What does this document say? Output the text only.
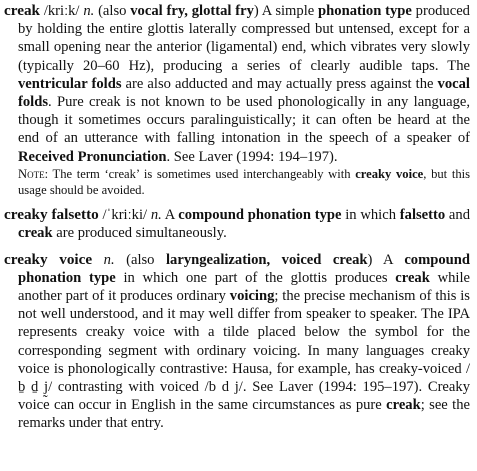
creak /kriːk/ n. (also vocal fry, glottal fry) A simple phonation type produced by holding the entire glottis laterally compressed but untensed, except for a small opening near the anterior (ligamental) end, which vibrates very slowly (typically 20–60 Hz), producing a series of clearly audible taps. The ventricular folds are also adducted and may actually press against the vocal folds. Pure creak is not known to be used phonologically in any language, though it sometimes occurs paralinguistically; it can often be heard at the end of an utterance with falling intonation in the speech of a speaker of Received Pronunciation. See Laver (1994: 194–197).

Note: The term ‘creak’ is sometimes used interchangeably with creaky voice, but this usage should be avoided.

creaky falsetto /ˈkriːki/ n. A compound phonation type in which falsetto and creak are produced simultaneously.

creaky voice n. (also laryngealization, voiced creak) A compound phonation type in which one part of the glottis produces creak while another part of it produces ordinary voicing; the precise mechanism of this is not well understood, and it may well differ from speaker to speaker. The IPA represents creaky voice with a tilde placed below the symbol for the corresponding segment with ordinary voicing. In many languages creaky voice is phonologically contrastive: Hausa, for example, has creaky-voiced /ḇ ḏ j̰/ contrasting with voiced /b d j/. See Laver (1994: 195–197). Creaky voice can occur in English in the same circumstances as pure creak; see the remarks under that entry.
